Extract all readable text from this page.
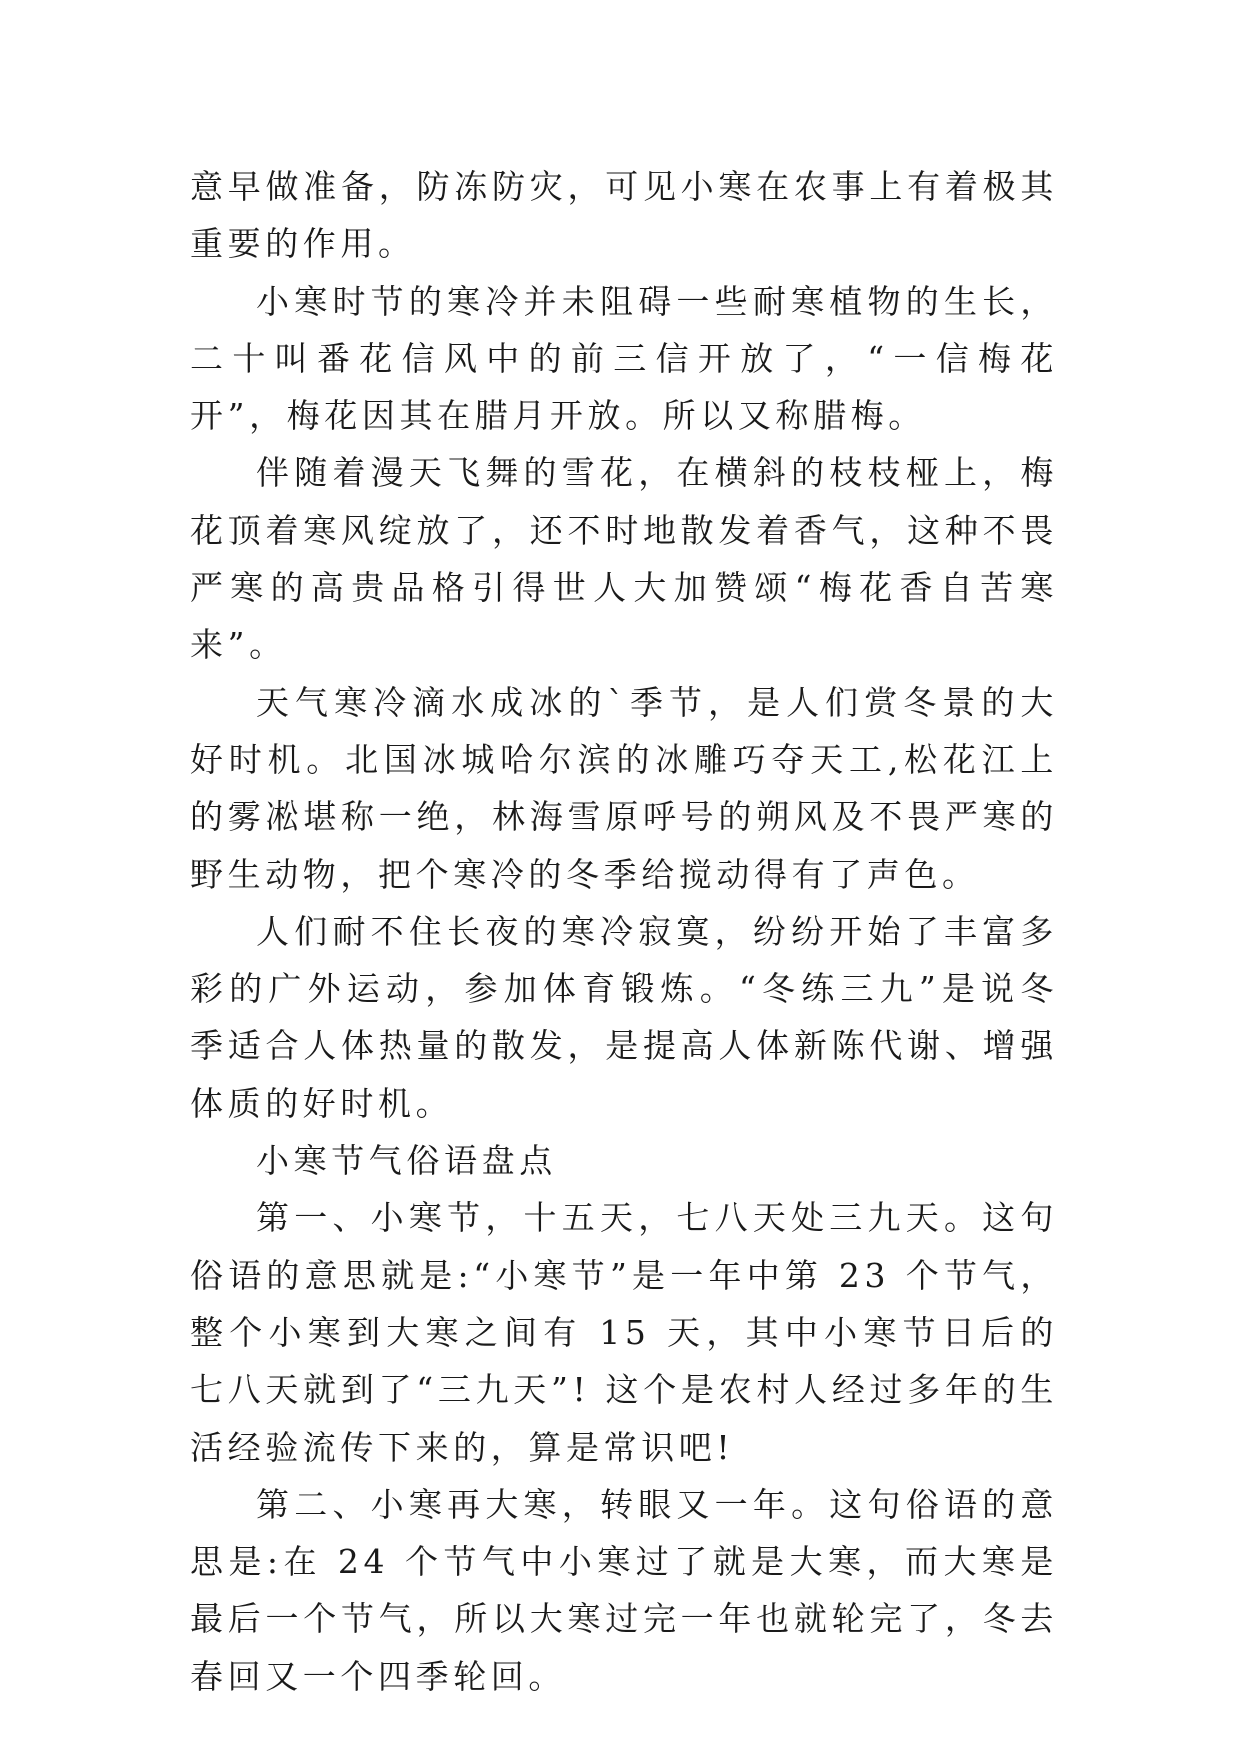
意早做准备，防冻防灾，可见小寒在农事上有着极其重要的作用。

小寒时节的寒冷并未阻碍一些耐寒植物的生长，二十叫番花信风中的前三信开放了，“一信梅花开”，梅花因其在腊月开放。所以又称腊梅。

伴随着漫天飞舞的雪花，在横斜的枝枝桠上，梅花顶着寒风绽放了，还不时地散发着香气，这种不畏严寒的高贵品格引得世人大加赞颂“梅花香自苦寒来”。

天气寒冷滴水成冰的`季节，是人们赏冬景的大好时机。北国冰城哈尔滨的冰雕巧夺天工,松花江上的雾凇堪称一绝，林海雪原呼号的朔风及不畏严寒的野生动物，把个寒冷的冬季给搅动得有了声色。

人们耐不住长夜的寒冷寂寞，纷纷开始了丰富多彩的广外运动，参加体育锻炼。“冬练三九”是说冬季适合人体热量的散发，是提高人体新陈代谢、增强体质的好时机。

小寒节气俗语盘点

第一、小寒节，十五天，七八天处三九天。这句俗语的意思就是:“小寒节”是一年中第 23 个节气，整个小寒到大寒之间有 15 天，其中小寒节日后的七八天就到了“三九天”! 这个是农村人经过多年的生活经验流传下来的，算是常识吧!

第二、小寒再大寒，转眼又一年。这句俗语的意思是:在 24 个节气中小寒过了就是大寒，而大寒是最后一个节气，所以大寒过完一年也就轮完了，冬去春回又一个四季轮回。
